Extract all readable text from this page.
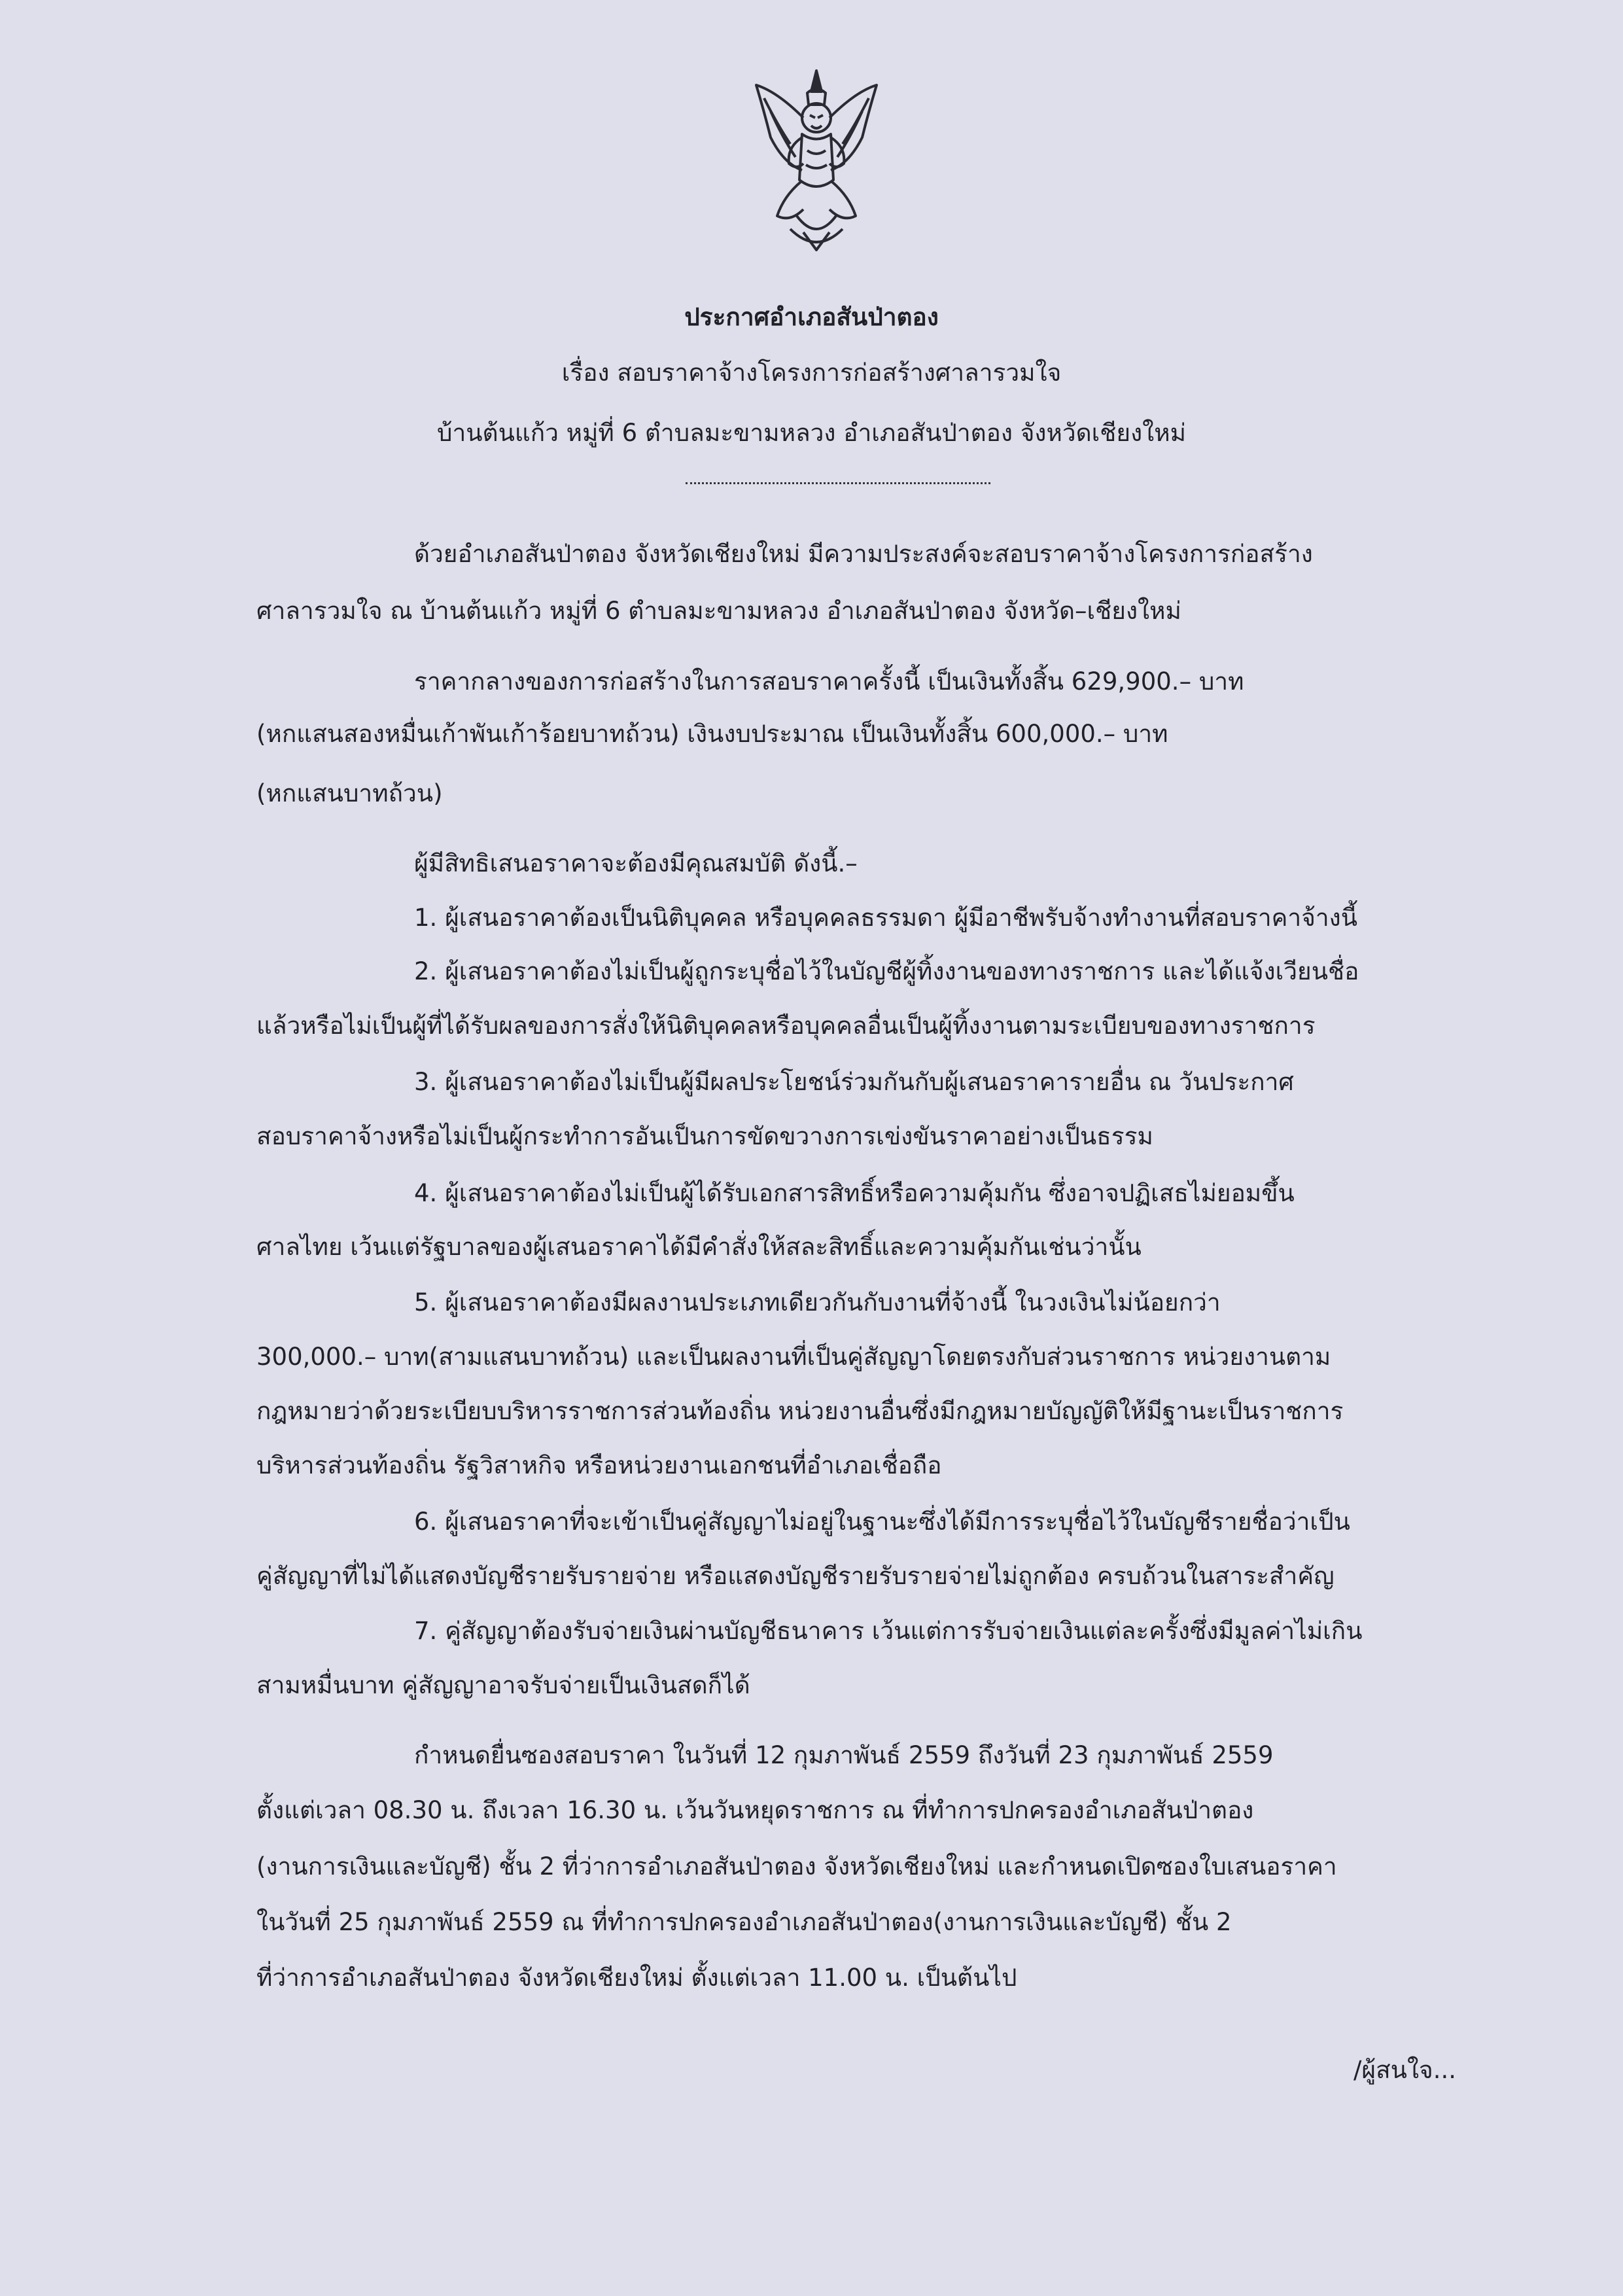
ประกาศอำเภอสันป่าตอง
เรื่อง สอบราคาจ้างโครงการก่อสร้างศาลารวมใจ
บ้านต้นแก้ว หมู่ที่ 6 ตำบลมะขามหลวง อำเภอสันป่าตอง จังหวัดเชียงใหม่
ด้วยอำเภอสันป่าตอง จังหวัดเชียงใหม่ มีความประสงค์จะสอบราคาจ้างโครงการก่อสร้าง
ศาลารวมใจ ณ บ้านต้นแก้ว หมู่ที่ 6 ตำบลมะขามหลวง อำเภอสันป่าตอง จังหวัด–เชียงใหม่
ราคากลางของการก่อสร้างในการสอบราคาครั้งนี้ เป็นเงินทั้งสิ้น 629,900.– บาท
(หกแสนสองหมื่นเก้าพันเก้าร้อยบาทถ้วน) เงินงบประมาณ เป็นเงินทั้งสิ้น 600,000.– บาท
(หกแสนบาทถ้วน)
ผู้มีสิทธิเสนอราคาจะต้องมีคุณสมบัติ ดังนี้.–
1. ผู้เสนอราคาต้องเป็นนิติบุคคล หรือบุคคลธรรมดา ผู้มีอาชีพรับจ้างทำงานที่สอบราคาจ้างนี้
2. ผู้เสนอราคาต้องไม่เป็นผู้ถูกระบุชื่อไว้ในบัญชีผู้ทิ้งงานของทางราชการ และได้แจ้งเวียนชื่อ
แล้วหรือไม่เป็นผู้ที่ได้รับผลของการสั่งให้นิติบุคคลหรือบุคคลอื่นเป็นผู้ทิ้งงานตามระเบียบของทางราชการ
3. ผู้เสนอราคาต้องไม่เป็นผู้มีผลประโยชน์ร่วมกันกับผู้เสนอราคารายอื่น ณ วันประกาศ
สอบราคาจ้างหรือไม่เป็นผู้กระทำการอันเป็นการขัดขวางการเข่งขันราคาอย่างเป็นธรรม
4. ผู้เสนอราคาต้องไม่เป็นผู้ได้รับเอกสารสิทธิ์หรือความคุ้มกัน ซึ่งอาจปฏิเสธไม่ยอมขึ้น
ศาลไทย เว้นแต่รัฐบาลของผู้เสนอราคาได้มีคำสั่งให้สละสิทธิ์และความคุ้มกันเช่นว่านั้น
5. ผู้เสนอราคาต้องมีผลงานประเภทเดียวกันกับงานที่จ้างนี้ ในวงเงินไม่น้อยกว่า
300,000.– บาท(สามแสนบาทถ้วน) และเป็นผลงานที่เป็นคู่สัญญาโดยตรงกับส่วนราชการ หน่วยงานตาม
กฎหมายว่าด้วยระเบียบบริหารราชการส่วนท้องถิ่น หน่วยงานอื่นซึ่งมีกฎหมายบัญญัติให้มีฐานะเป็นราชการ
บริหารส่วนท้องถิ่น รัฐวิสาหกิจ หรือหน่วยงานเอกชนที่อำเภอเชื่อถือ
6. ผู้เสนอราคาที่จะเข้าเป็นคู่สัญญาไม่อยู่ในฐานะซึ่งได้มีการระบุชื่อไว้ในบัญชีรายชื่อว่าเป็น
คู่สัญญาที่ไม่ได้แสดงบัญชีรายรับรายจ่าย หรือแสดงบัญชีรายรับรายจ่ายไม่ถูกต้อง ครบถ้วนในสาระสำคัญ
7. คู่สัญญาต้องรับจ่ายเงินผ่านบัญชีธนาคาร เว้นแต่การรับจ่ายเงินแต่ละครั้งซึ่งมีมูลค่าไม่เกิน
สามหมื่นบาท คู่สัญญาอาจรับจ่ายเป็นเงินสดก็ได้
กำหนดยื่นซองสอบราคา ในวันที่ 12 กุมภาพันธ์ 2559 ถึงวันที่ 23 กุมภาพันธ์ 2559
ตั้งแต่เวลา 08.30 น. ถึงเวลา 16.30 น. เว้นวันหยุดราชการ ณ ที่ทำการปกครองอำเภอสันป่าตอง
(งานการเงินและบัญชี) ชั้น 2 ที่ว่าการอำเภอสันป่าตอง จังหวัดเชียงใหม่ และกำหนดเปิดซองใบเสนอราคา
ในวันที่ 25 กุมภาพันธ์ 2559 ณ ที่ทำการปกครองอำเภอสันป่าตอง(งานการเงินและบัญชี) ชั้น 2
ที่ว่าการอำเภอสันป่าตอง จังหวัดเชียงใหม่ ตั้งแต่เวลา 11.00 น. เป็นต้นไป
/ผู้สนใจ...
